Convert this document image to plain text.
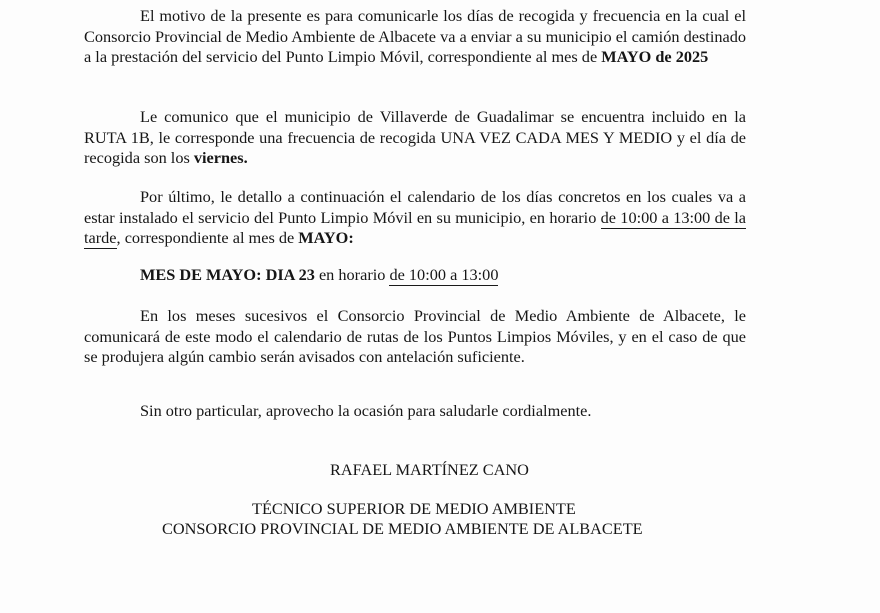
El motivo de la presente es para comunicarle los días de recogida y frecuencia en la cual el Consorcio Provincial de Medio Ambiente de Albacete va a enviar a su municipio el camión destinado a la prestación del servicio del Punto Limpio Móvil, correspondiente al mes de MAYO de 2025

Le comunico que el municipio de Villaverde de Guadalimar se encuentra incluido en la RUTA 1B, le corresponde una frecuencia de recogida UNA VEZ CADA MES Y MEDIO y el día de recogida son los viernes.

Por último, le detallo a continuación el calendario de los días concretos en los cuales va a estar instalado el servicio del Punto Limpio Móvil en su municipio, en horario de 10:00 a 13:00 de la tarde, correspondiente al mes de MAYO:

MES DE MAYO: DIA 23 en horario de 10:00 a 13:00

En los meses sucesivos el Consorcio Provincial de Medio Ambiente de Albacete, le comunicará de este modo el calendario de rutas de los Puntos Limpios Móviles, y en el caso de que se produjera algún cambio serán avisados con antelación suficiente.

Sin otro particular, aprovecho la ocasión para saludarle cordialmente.

RAFAEL MARTÍNEZ CANO
TÉCNICO SUPERIOR DE MEDIO AMBIENTE
CONSORCIO PROVINCIAL DE MEDIO AMBIENTE DE ALBACETE
